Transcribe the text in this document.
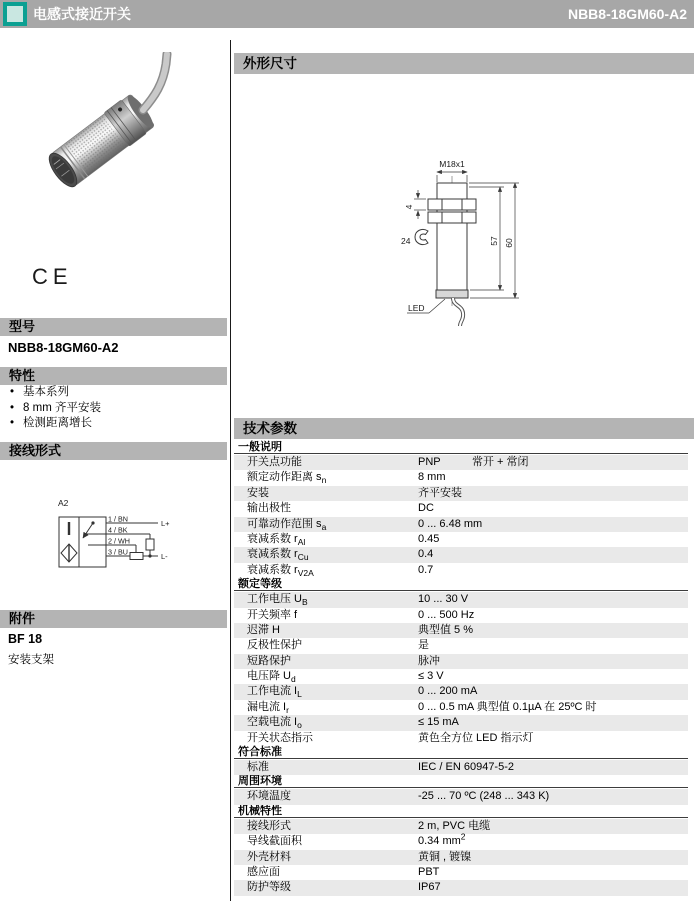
电感式接近开关	NBB8-18GM60-A2
CE
型号
NBB8-18GM60-A2
特性
• 基本系列
• 8 mm 齐平安装
• 检测距离增长
接线形式
A2
1 / BN
4 / BK
2 / WH
3 / BU
L+
L-
附件
BF 18
安装支架
外形尺寸
M18x1
4
24	57 60
LED
技术参数
一般说明
开关点功能	PNP	常开 + 常闭
额定动作距离 $s_n$	8 mm
安装	齐平安装
输出极性	DC
可靠动作范围 $s_a$	0 ... 6.48 mm
衰减系数 $r_{Al}$	0.45
衰减系数 $r_{Cu}$	0.4
衰减系数 $r_{V2A}$	0.7
额定等级
工作电压 $U_B$	10 ... 30 V
开关频率 f	0 ... 500 Hz
迟滞 H	典型值 5 %
反极性保护	是
短路保护	脉冲
电压降 $U_d$	≤ 3 V
工作电流 $I_L$	0 ... 200 mA
漏电流 $I_r$	0 ... 0.5 mA 典型值 0.1µA 在 25ºC 时
空载电流 $I_o$	≤ 15 mA
开关状态指示	黄色全方位 LED 指示灯
符合标准
标准	IEC / EN 60947-5-2
周围环境
环境温度	-25 ... 70 ºC (248 ... 343 K)
机械特性
接线形式	2 m, PVC 电缆
导线截面积	0.34 $mm^2$
外壳材料	黄铜 , 镀镍
感应面	PBT
防护等级	IP67
